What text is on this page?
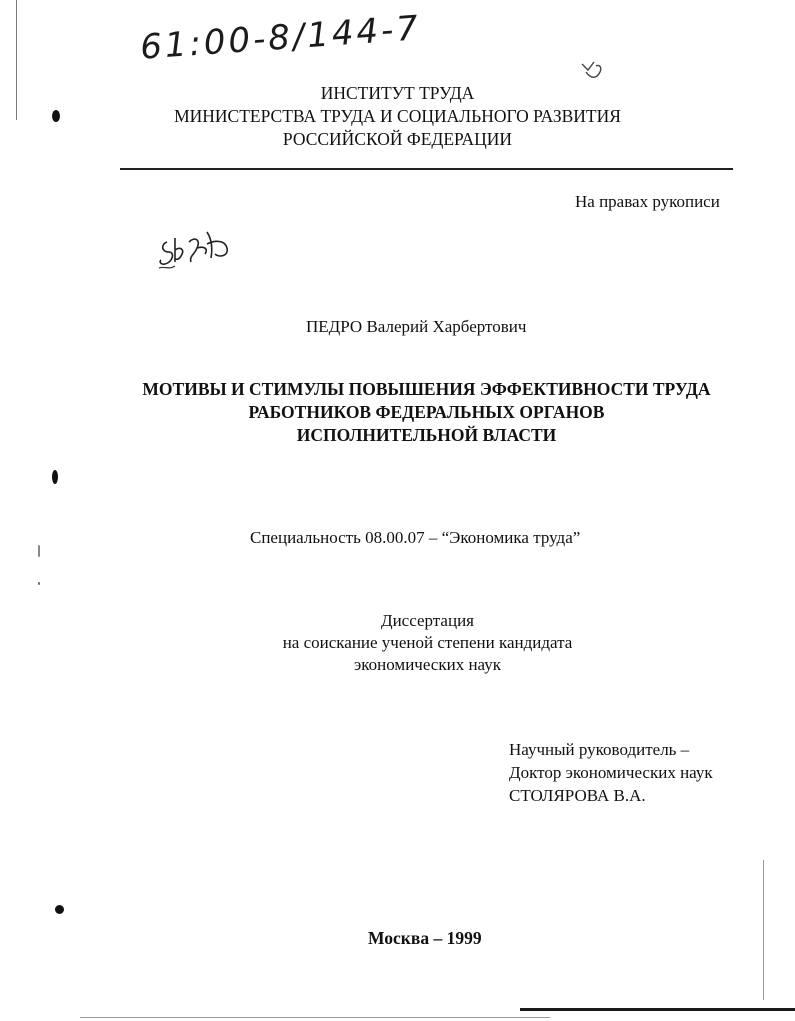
61:00-8/144-7
ИНСТИТУТ ТРУДА
МИНИСТЕРСТВА ТРУДА И СОЦИАЛЬНОГО РАЗВИТИЯ
РОССИЙСКОЙ ФЕДЕРАЦИИ
На правах рукописи
ПЕДРО Валерий Харбертович
МОТИВЫ И СТИМУЛЫ ПОВЫШЕНИЯ ЭФФЕКТИВНОСТИ ТРУДА
РАБОТНИКОВ ФЕДЕРАЛЬНЫХ ОРГАНОВ
ИСПОЛНИТЕЛЬНОЙ ВЛАСТИ
Специальность 08.00.07 – “Экономика труда”
Диссертация
на соискание ученой степени кандидата
экономических наук
Научный руководитель –
Доктор экономических наук
СТОЛЯРОВА В.А.
Москва – 1999
